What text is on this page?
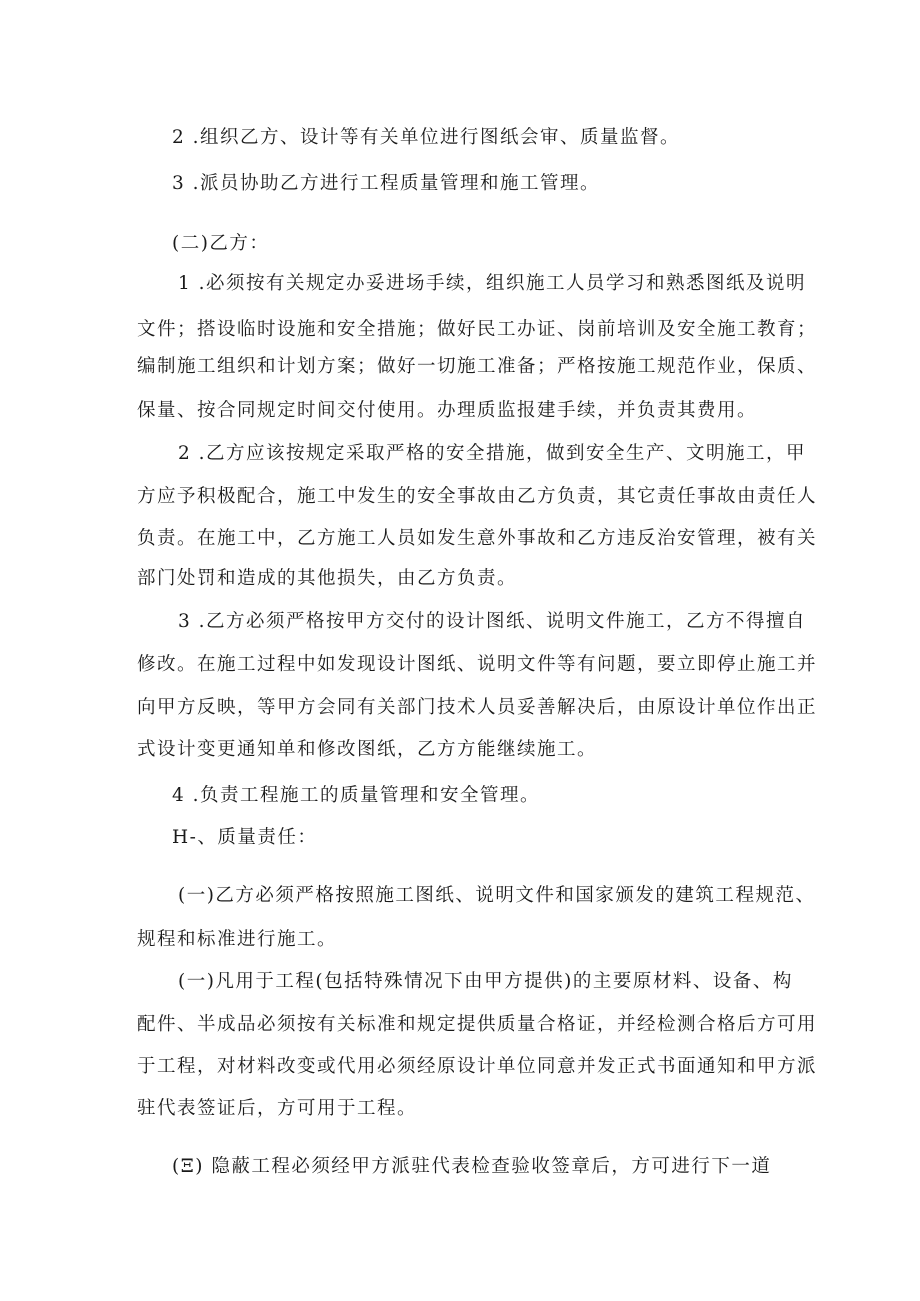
2 .组织乙方、设计等有关单位进行图纸会审、质量监督。
3 .派员协助乙方进行工程质量管理和施工管理。
(二)乙方：
1 .必须按有关规定办妥进场手续，组织施工人员学习和熟悉图纸及说明
文件；搭设临时设施和安全措施；做好民工办证、岗前培训及安全施工教育；
编制施工组织和计划方案；做好一切施工准备；严格按施工规范作业，保质、
保量、按合同规定时间交付使用。办理质监报建手续，并负责其费用。
2 .乙方应该按规定采取严格的安全措施，做到安全生产、文明施工，甲
方应予积极配合，施工中发生的安全事故由乙方负责，其它责任事故由责任人
负责。在施工中，乙方施工人员如发生意外事故和乙方违反治安管理，被有关
部门处罚和造成的其他损失，由乙方负责。
3 .乙方必须严格按甲方交付的设计图纸、说明文件施工，乙方不得擅自
修改。在施工过程中如发现设计图纸、说明文件等有问题，要立即停止施工并
向甲方反映，等甲方会同有关部门技术人员妥善解决后，由原设计单位作出正
式设计变更通知单和修改图纸，乙方方能继续施工。
4 .负责工程施工的质量管理和安全管理。
H-、质量责任：
(一)乙方必须严格按照施工图纸、说明文件和国家颁发的建筑工程规范、
规程和标准进行施工。
(一)凡用于工程(包括特殊情况下由甲方提供)的主要原材料、设备、构
配件、半成品必须按有关标准和规定提供质量合格证，并经检测合格后方可用
于工程，对材料改变或代用必须经原设计单位同意并发正式书面通知和甲方派
驻代表签证后，方可用于工程。
(Ξ) 隐蔽工程必须经甲方派驻代表检查验收签章后，方可进行下一道
